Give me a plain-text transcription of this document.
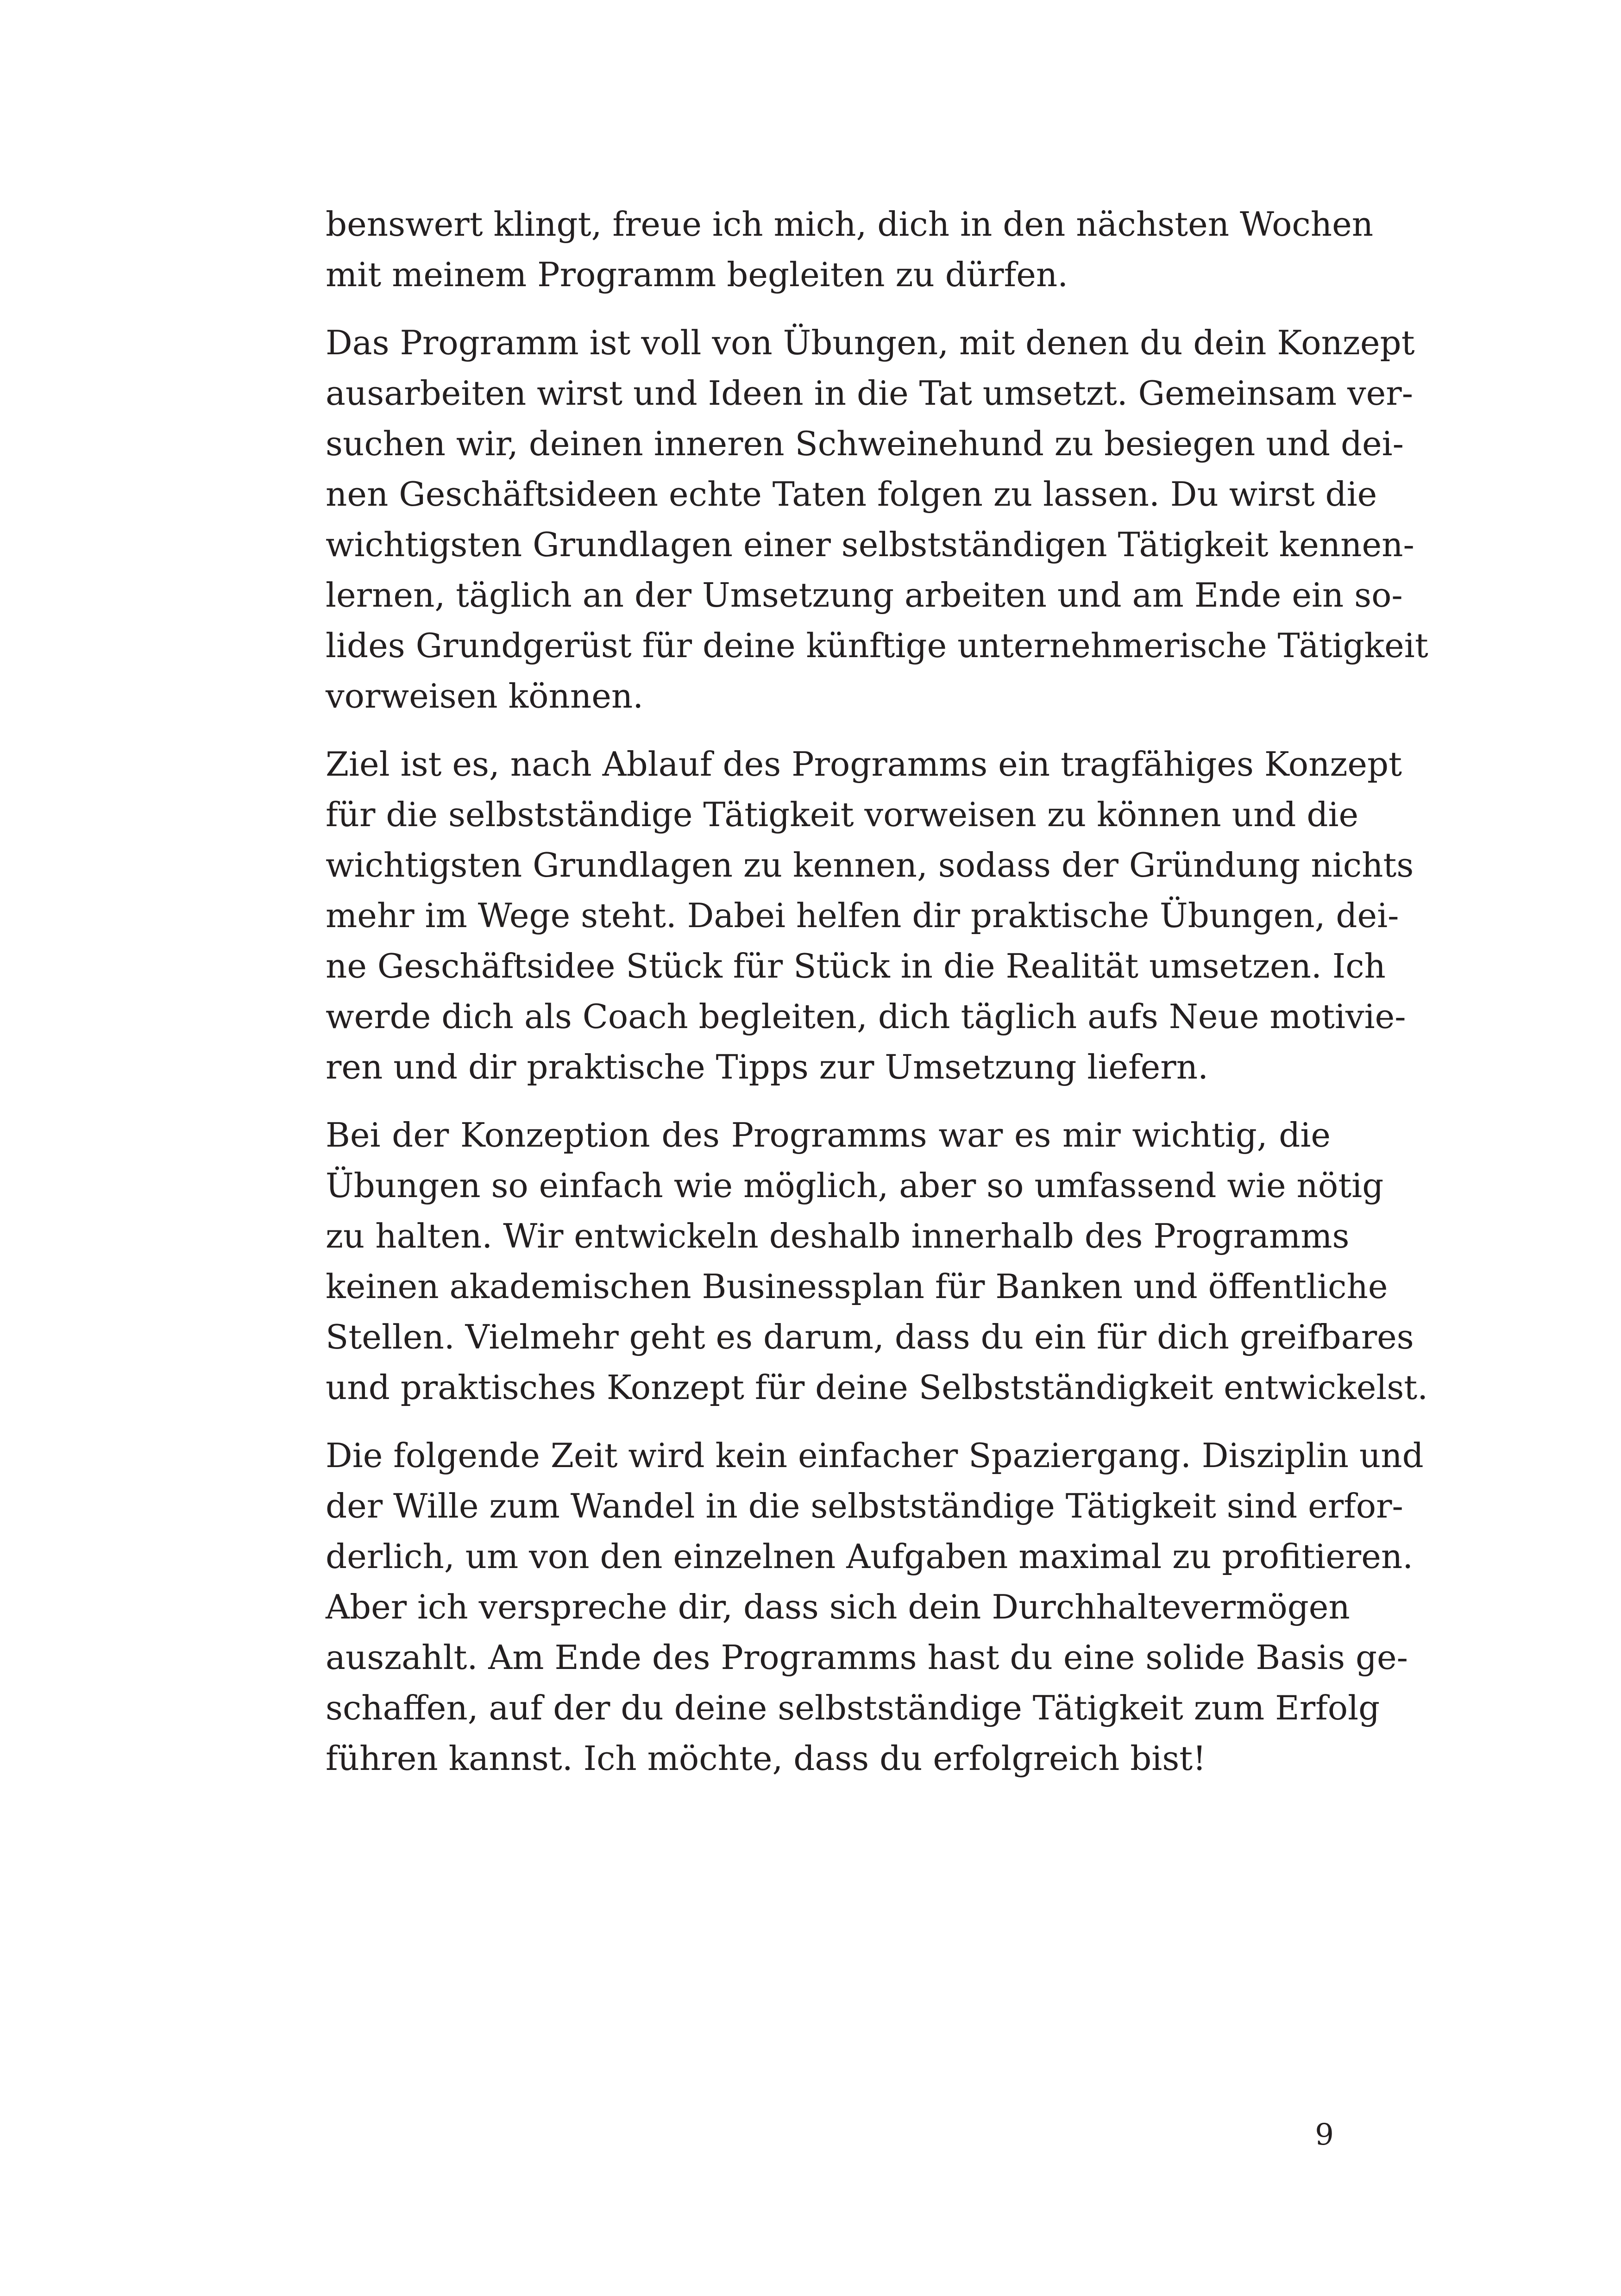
benswert klingt, freue ich mich, dich in den nächsten Wochen
mit meinem Programm begleiten zu dürfen.

Das Programm ist voll von Übungen, mit denen du dein Konzept
ausarbeiten wirst und Ideen in die Tat umsetzt. Gemeinsam ver-
suchen wir, deinen inneren Schweinehund zu besiegen und dei-
nen Geschäftsideen echte Taten folgen zu lassen. Du wirst die
wichtigsten Grundlagen einer selbstständigen Tätigkeit kennen-
lernen, täglich an der Umsetzung arbeiten und am Ende ein so-
lides Grundgerüst für deine künftige unternehmerische Tätigkeit
vorweisen können.

Ziel ist es, nach Ablauf des Programms ein tragfähiges Konzept
für die selbstständige Tätigkeit vorweisen zu können und die
wichtigsten Grundlagen zu kennen, sodass der Gründung nichts
mehr im Wege steht. Dabei helfen dir praktische Übungen, dei-
ne Geschäftsidee Stück für Stück in die Realität umsetzen. Ich
werde dich als Coach begleiten, dich täglich aufs Neue motivie-
ren und dir praktische Tipps zur Umsetzung liefern.

Bei der Konzeption des Programms war es mir wichtig, die
Übungen so einfach wie möglich, aber so umfassend wie nötig
zu halten. Wir entwickeln deshalb innerhalb des Programms
keinen akademischen Businessplan für Banken und öffentliche
Stellen. Vielmehr geht es darum, dass du ein für dich greifbares
und praktisches Konzept für deine Selbstständigkeit entwickelst.

Die folgende Zeit wird kein einfacher Spaziergang. Disziplin und
der Wille zum Wandel in die selbstständige Tätigkeit sind erfor-
derlich, um von den einzelnen Aufgaben maximal zu profitieren.
Aber ich verspreche dir, dass sich dein Durchhaltevermögen
auszahlt. Am Ende des Programms hast du eine solide Basis ge-
schaffen, auf der du deine selbstständige Tätigkeit zum Erfolg
führen kannst. Ich möchte, dass du erfolgreich bist!

9
